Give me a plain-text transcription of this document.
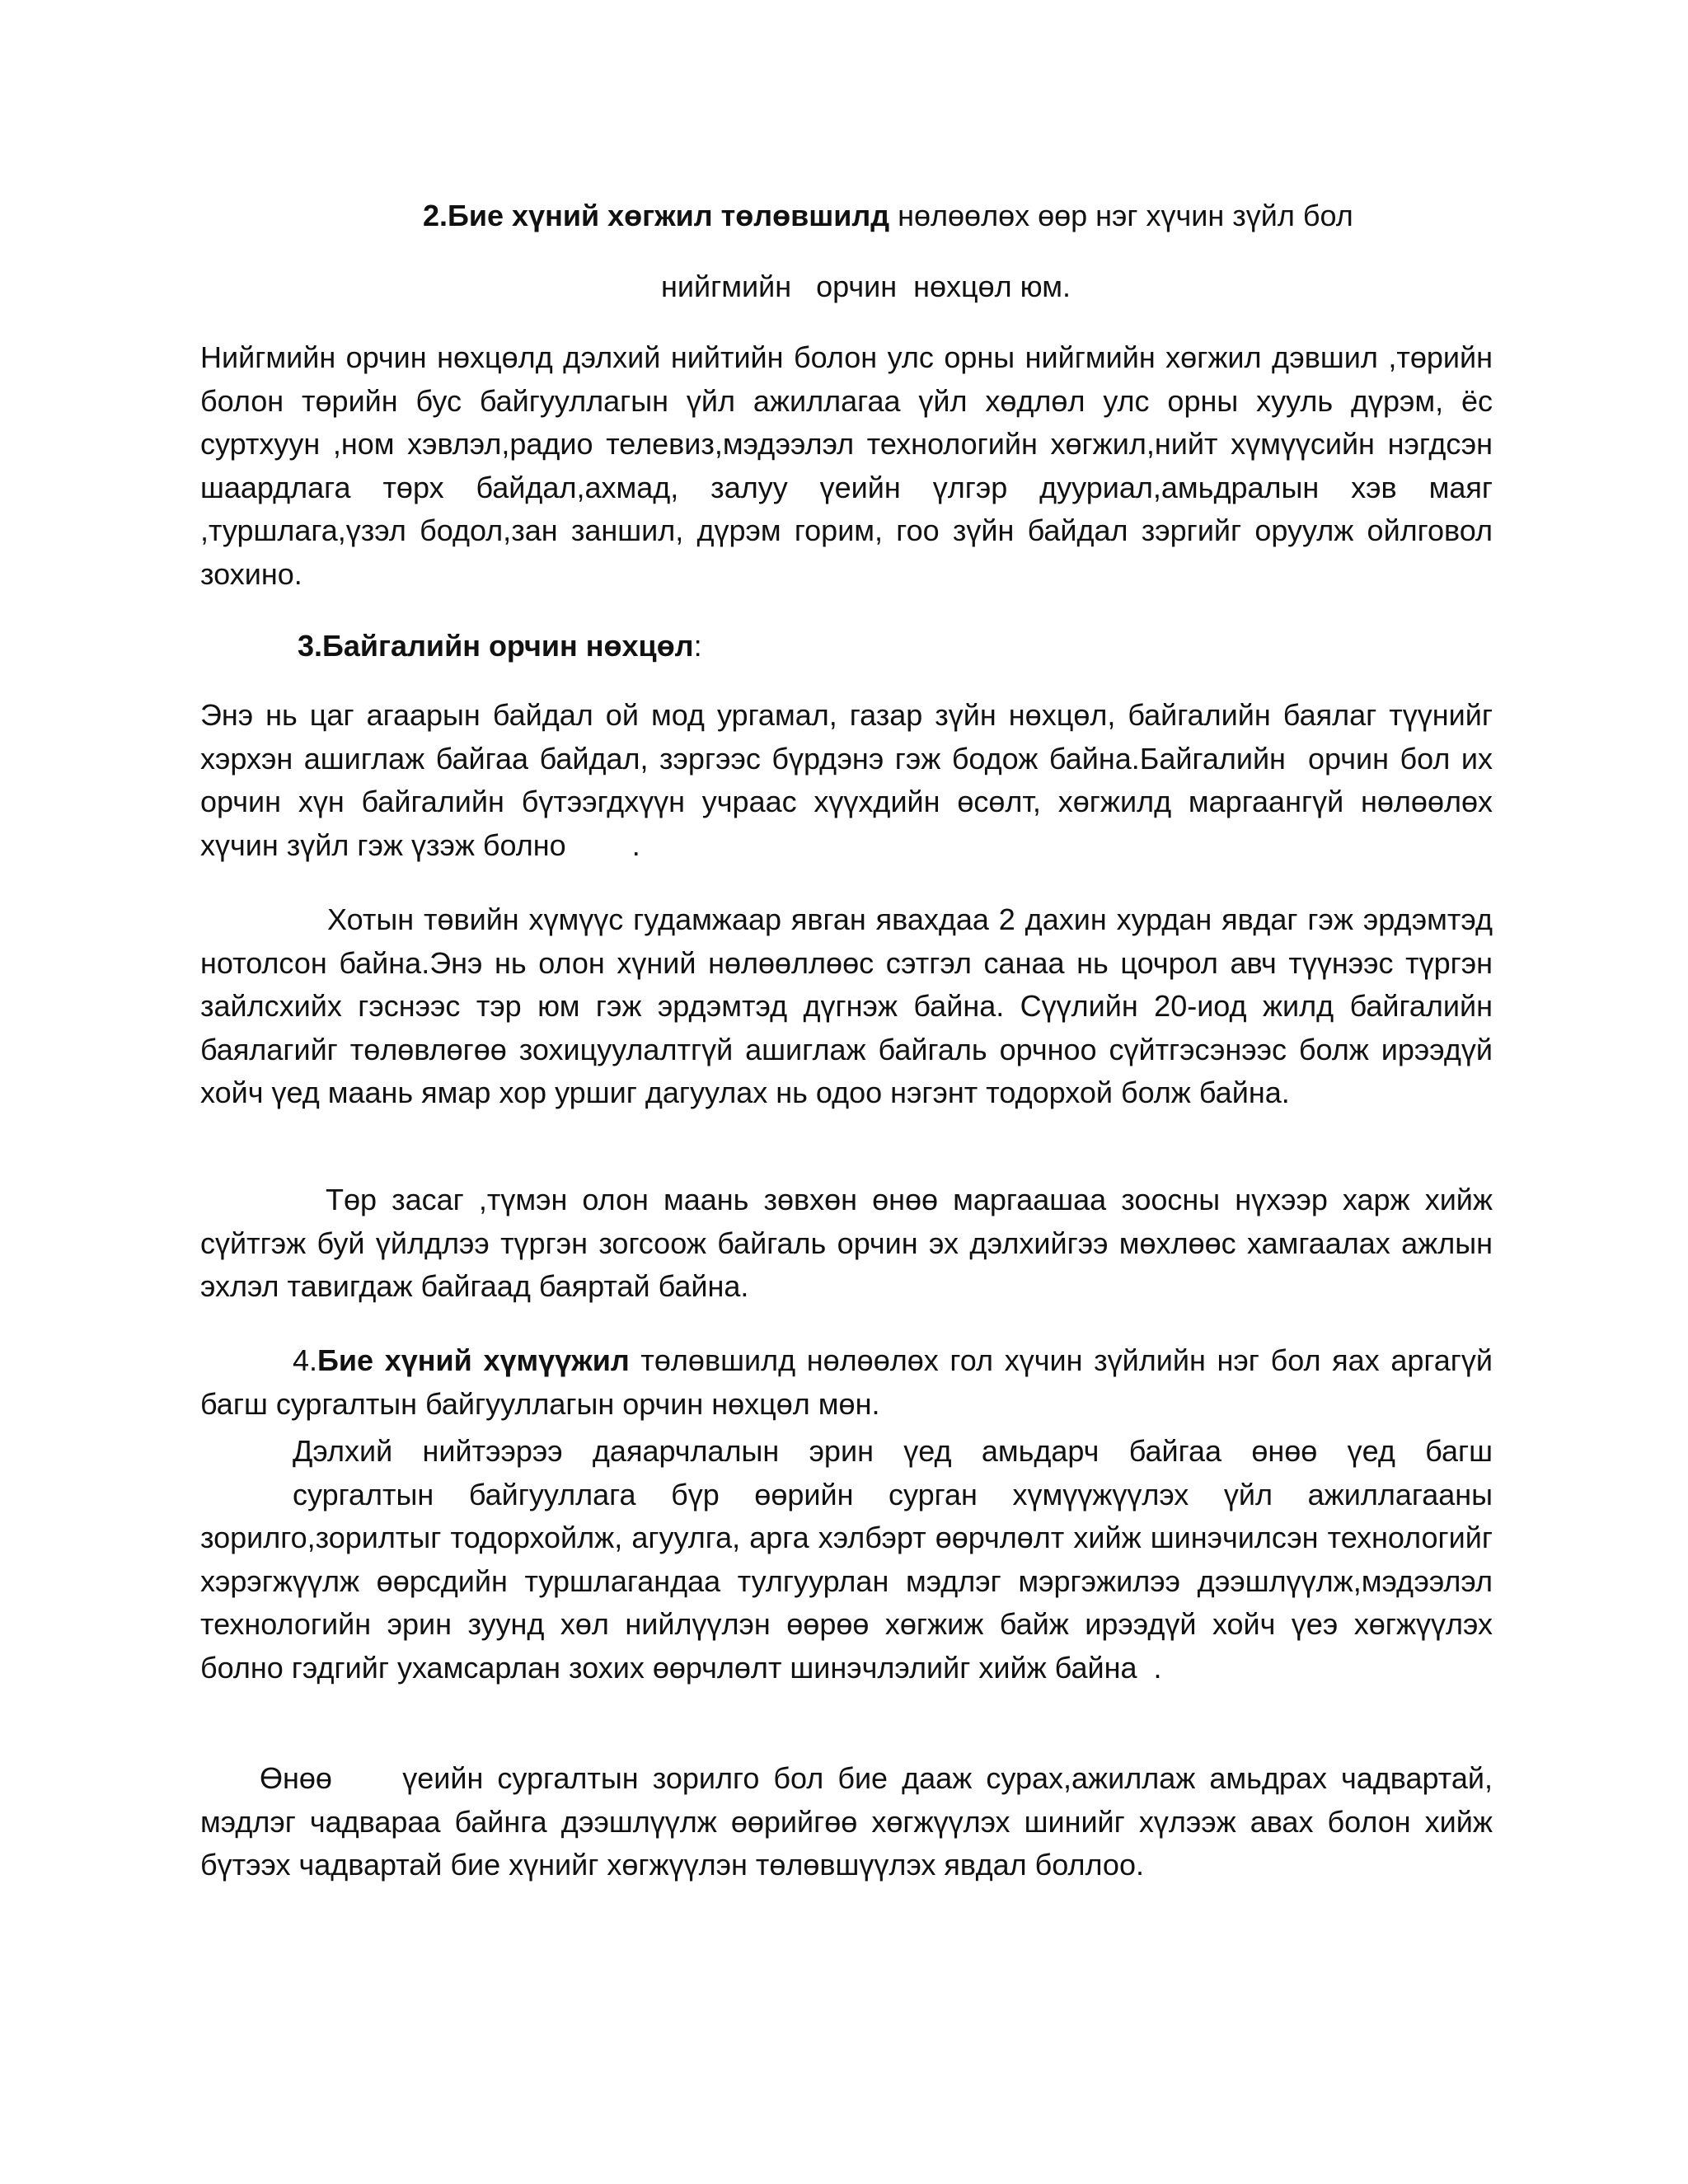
2.Бие хүний хөгжил төлөвшилд нөлөөлөх өөр нэг хүчин зүйл бол
нийгмийн   орчин  нөхцөл юм.

Нийгмийн орчин нөхцөлд дэлхий нийтийн болон улс орны нийгмийн хөгжил дэвшил ,төрийн болон төрийн бус байгууллагын үйл ажиллагаа үйл хөдлөл улс орны хууль дүрэм, ёс суртхуун ,ном хэвлэл,радио телевиз,мэдээлэл технологийн хөгжил,нийт хүмүүсийн нэгдсэн шаардлага төрх байдал,ахмад, залуу үеийн үлгэр дууриал,амьдралын хэв маяг ,туршлага,үзэл бодол,зан заншил, дүрэм горим, гоо зүйн байдал зэргийг оруулж ойлговол зохино.

3.Байгалийн орчин нөхцөл:

Энэ нь цаг агаарын байдал ой мод ургамал, газар зүйн нөхцөл, байгалийн баялаг түүнийг хэрхэн ашиглаж байгаа байдал, зэргээс бүрдэнэ гэж бодож байна.Байгалийн  орчин бол их орчин хүн байгалийн бүтээгдхүүн учраас хүүхдийн өсөлт, хөгжилд маргаангүй нөлөөлөх хүчин зүйл гэж үзэж болно        .

Хотын төвийн хүмүүс гудамжаар явган явахдаа 2 дахин хурдан явдаг гэж эрдэмтэд нотолсон байна.Энэ нь олон хүний нөлөөллөөс сэтгэл санаа нь цочрол авч түүнээс түргэн зайлсхийх гэснээс тэр юм гэж эрдэмтэд дүгнэж байна. Сүүлийн 20-иод жилд байгалийн баялагийг төлөвлөгөө зохицуулалтгүй ашиглаж байгаль орчноо сүйтгэсэнээс болж ирээдүй хойч үед маань ямар хор уршиг дагуулах нь одоо нэгэнт тодорхой болж байна.

Төр засаг ,түмэн олон маань зөвхөн өнөө маргаашаа зоосны нүхээр харж хийж сүйтгэж буй үйлдлээ түргэн зогсоож байгаль орчин эх дэлхийгээ мөхлөөс хамгаалах ажлын эхлэл тавигдаж байгаад баяртай байна.

4.Бие хүний хүмүүжил төлөвшилд нөлөөлөх гол хүчин зүйлийн нэг бол яах аргагүй багш сургалтын байгууллагын орчин нөхцөл мөн.

Дэлхий нийтээрээ даяарчлалын эрин үед амьдарч байгаа өнөө үед багш
сургалтын байгууллага бүр өөрийн сурган хүмүүжүүлэх үйл ажиллагааны
зорилго,зорилтыг тодорхойлж, агуулга, арга хэлбэрт өөрчлөлт хийж шинэчилсэн технологийг хэрэгжүүлж өөрсдийн туршлагандаа тулгуурлан мэдлэг мэргэжилээ дээшлүүлж,мэдээлэл технологийн эрин зуунд хөл нийлүүлэн өөрөө хөгжиж байж ирээдүй хойч үеэ хөгжүүлэх болно гэдгийг ухамсарлан зохих өөрчлөлт шинэчлэлийг хийж байна  .

Өнөө     үеийн сургалтын зорилго бол бие дааж сурах,ажиллаж амьдрах чадвартай, мэдлэг чадвараа байнга дээшлүүлж өөрийгөө хөгжүүлэх шинийг хүлээж авах болон хийж  бүтээх чадвартай бие хүнийг хөгжүүлэн төлөвшүүлэх явдал боллоо.
